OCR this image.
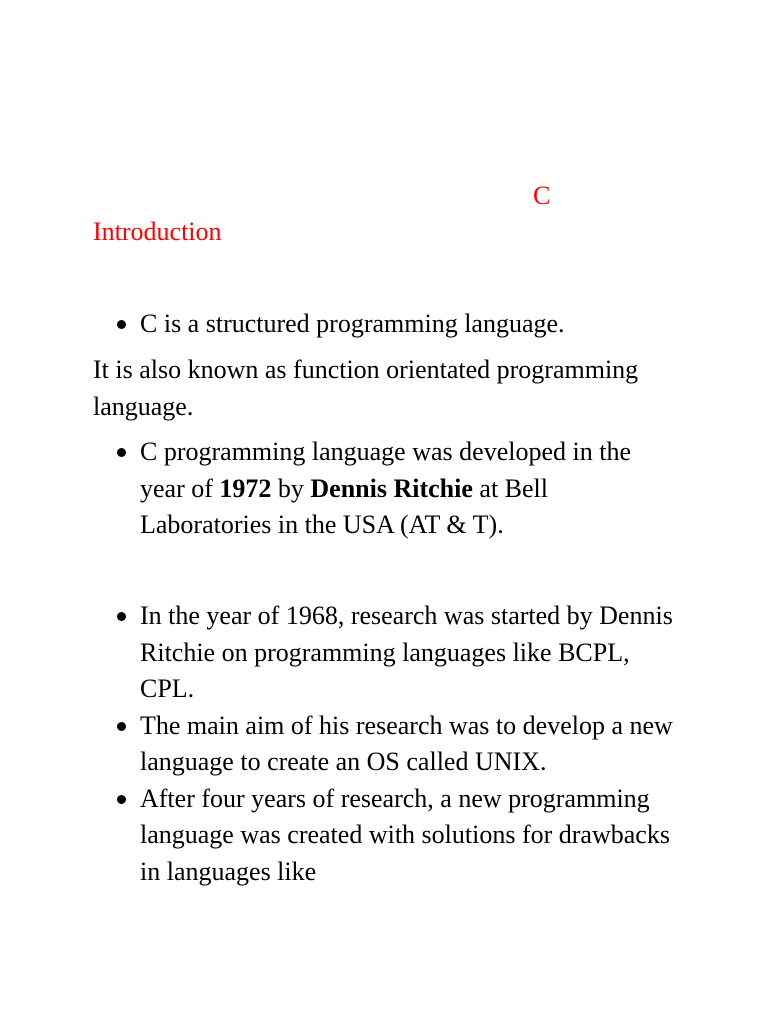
C
Introduction
C is a structured programming language.

It is also known as function orientated programming language.

C programming language was developed in the year of 1972 by Dennis Ritchie at Bell Laboratories in the USA (AT & T).
In the year of 1968, research was started by Dennis Ritchie on programming languages like BCPL, CPL.
The main aim of his research was to develop a new language to create an OS called UNIX.
After four years of research, a new programming language was created with solutions for drawbacks in languages like
